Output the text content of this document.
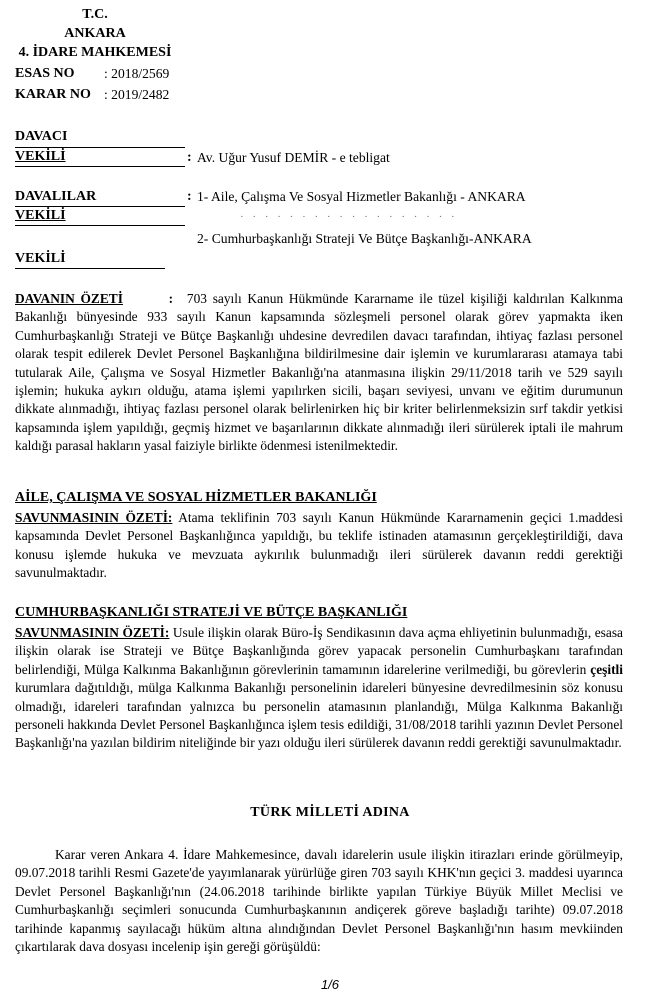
T.C.
ANKARA
4. İDARE MAHKEMESİ
ESAS NO : 2018/2569
KARAR NO : 2019/2482
DAVACI
VEKİLİ	: Av. Uğur Yusuf DEMİR - e tebligat
DAVALILAR	: 1- Aile, Çalışma Ve Sosyal Hizmetler Bakanlığı - ANKARA
VEKİLİ	· · · · · · · · · · · · · · · · · ·
2- Cumhurbaşkanlığı Strateji Ve Bütçe Başkanlığı-ANKARA
VEKİLİ
DAVANIN ÖZETİ	: 703 sayılı Kanun Hükmünde Kararname ile tüzel kişiliği kaldırılan Kalkınma Bakanlığı bünyesinde 933 sayılı Kanun kapsamında sözleşmeli personel olarak görev yapmakta iken Cumhurbaşkanlığı Strateji ve Bütçe Başkanlığı uhdesine devredilen davacı tarafından, ihtiyaç fazlası personel olarak tespit edilerek Devlet Personel Başkanlığına bildirilmesine dair işlemin ve kurumlararası atamaya tabi tutularak Aile, Çalışma ve Sosyal Hizmetler Bakanlığı'na atanmasına ilişkin 29/11/2018 tarih ve 529 sayılı işlemin; hukuka aykırı olduğu, atama işlemi yapılırken sicili, başarı seviyesi, unvanı ve eğitim durumunun dikkate alınmadığı, ihtiyaç fazlası personel olarak belirlenirken hiç bir kriter belirlenmeksizin sırf takdir yetkisi kapsamında işlem yapıldığı, geçmiş hizmet ve başarılarının dikkate alınmadığı ileri sürülerek iptali ile mahrum kaldığı parasal hakların yasal faiziyle birlikte ödenmesi istenilmektedir.
AİLE, ÇALIŞMA VE SOSYAL HİZMETLER BAKANLIĞI
SAVUNMASININ ÖZETİ: Atama teklifinin 703 sayılı Kanun Hükmünde Kararnamenin geçici 1.maddesi kapsamında Devlet Personel Başkanlığınca yapıldığı, bu teklife istinaden atamasının gerçekleştirildiği, dava konusu işlemde hukuka ve mevzuata aykırılık bulunmadığı ileri sürülerek davanın reddi gerektiği savunulmaktadır.
CUMHURBAŞKANLIĞI STRATEJİ VE BÜTÇE BAŞKANLIĞI
SAVUNMASININ ÖZETİ: Usule ilişkin olarak Büro-İş Sendikasının dava açma ehliyetinin bulunmadığı, esasa ilişkin olarak ise Strateji ve Bütçe Başkanlığında görev yapacak personelin Cumhurbaşkanı tarafından belirlendiği, Mülga Kalkınma Bakanlığının görevlerinin tamamının idarelerine verilmediği, bu görevlerin çeşitli kurumlara dağıtıldığı, mülga Kalkınma Bakanlığı personelinin idareleri bünyesine devredilmesinin söz konusu olmadığı, idareleri tarafından yalnızca bu personelin atamasının planlandığı, Mülga Kalkınma Bakanlığı personeli hakkında Devlet Personel Başkanlığınca işlem tesis edildiği, 31/08/2018 tarihli yazının Devlet Personel Başkanlığı'na yazılan bildirim niteliğinde bir yazı olduğu ileri sürülerek davanın reddi gerektiği savunulmaktadır.
TÜRK MİLLETİ ADINA
Karar veren Ankara 4. İdare Mahkemesince, davalı idarelerin usule ilişkin itirazları erinde görülmeyip, 09.07.2018 tarihli Resmi Gazete'de yayımlanarak yürürlüğe giren 703 sayılı KHK'nın geçici 3. maddesi uyarınca Devlet Personel Başkanlığı'nın (24.06.2018 tarihinde birlikte yapılan Türkiye Büyük Millet Meclisi ve Cumhurbaşkanlığı seçimleri sonucunda Cumhurbaşkanının andiçerek göreve başladığı tarihte) 09.07.2018 tarihinde kapanmış sayılacağı hüküm altına alındığından Devlet Personel Başkanlığı'nın hasım mevkiinden çıkartılarak dava dosyası incelenip işin gereği görüşüldü:
1/6
